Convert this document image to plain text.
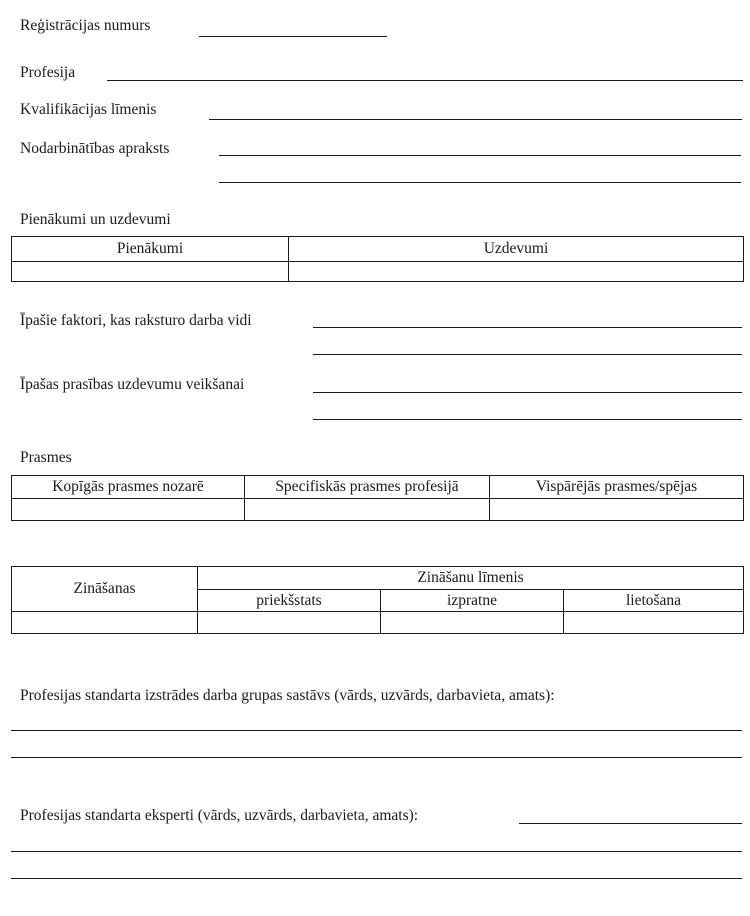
Reģistrācijas numurs
Profesija
Kvalifikācijas līmenis
Nodarbinātības apraksts
Pienākumi un uzdevumi
Pienākumi	Uzdevumi

Īpašie faktori, kas raksturo darba vidi
Īpašas prasības uzdevumu veikšanai
Prasmes
Kopīgās prasmes nozarē	Specifiskās prasmes profesijā	Vispārējās prasmes/spējas

Zināšanas	Zināšanu līmenis		
	priekšstats	izpratne	lietošana

Profesijas standarta izstrādes darba grupas sastāvs (vārds, uzvārds, darbavieta, amats):
Profesijas standarta eksperti (vārds, uzvārds, darbavieta, amats):
